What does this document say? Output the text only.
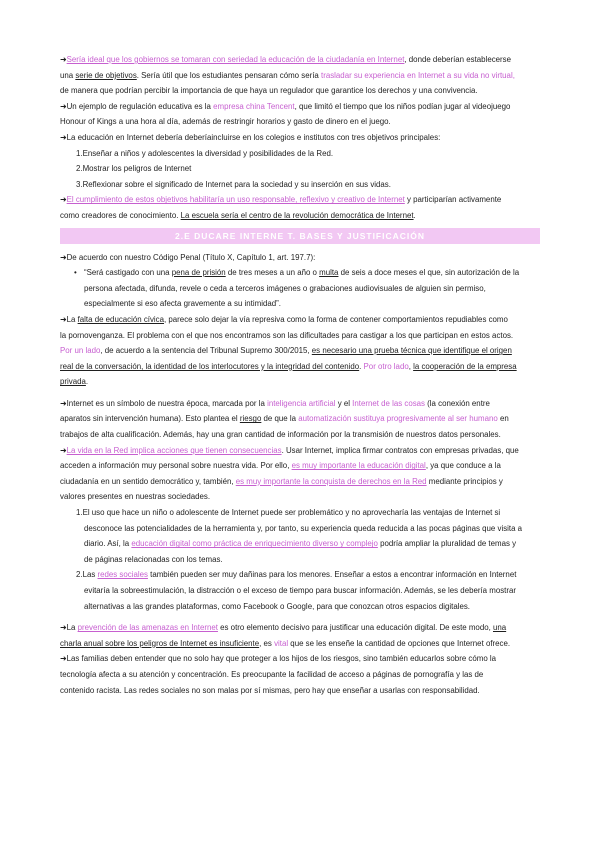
➜Sería ideal que los gobiernos se tomaran con seriedad la educación de la ciudadanía en Internet, donde deberían establecerse

una serie de objetivos. Sería útil que los estudiantes pensaran cómo sería trasladar su experiencia en Internet a su vida no virtual,

de manera que podrían percibir la importancia de que haya un regulador que garantice los derechos y una convivencia.

➜Un ejemplo de regulación educativa es la empresa china Tencent, que limitó el tiempo que los niños podían jugar al videojuego

Honour of Kings a una hora al día, además de restringir horarios y gasto de dinero en el juego.

➜La educación en Internet debería deberíaincluirse en los colegios e institutos con tres objetivos principales:

1.Enseñar a niños y adolescentes la diversidad y posibilidades de la Red.

2.Mostrar los peligros de Internet

3.Reflexionar sobre el significado de Internet para la sociedad y su inserción en sus vidas.

➜El cumplimiento de estos objetivos habilitaría un uso responsable, reflexivo y creativo de Internet y participarían activamente

como creadores de conocimiento. La escuela sería el centro de la revolución democrática de Internet.

2.E DUCARE INTERNE T. BASES Y JUSTIFICACIÓN

➜De acuerdo con nuestro Código Penal (Título X, Capítulo 1, art. 197.7):

• “Será castigado con una pena de prisión de tres meses a un año o multa de seis a doce meses el que, sin autorización de la

persona afectada, difunda, revele o ceda a terceros imágenes o grabaciones audiovisuales de alguien sin permiso,

especialmente si eso afecta gravemente a su intimidad”.

➜La falta de educación cívica, parece solo dejar la vía represiva como la forma de contener comportamientos repudiables como

la pornovenganza. El problema con el que nos encontramos son las dificultades para castigar a los que participan en estos actos.

Por un lado, de acuerdo a la sentencia del Tribunal Supremo 300/2015, es necesario una prueba técnica que identifique el origen

real de la conversación, la identidad de los interlocutores y la integridad del contenido. Por otro lado, la cooperación de la empresa

privada.

➜Internet es un símbolo de nuestra época, marcada por la inteligencia artificial y el Internet de las cosas (la conexión entre

aparatos sin intervención humana). Esto plantea el riesgo de que la automatización sustituya progresivamente al ser humano en

trabajos de alta cualificación. Además, hay una gran cantidad de información por la transmisión de nuestros datos personales.

➜La vida en la Red implica acciones que tienen consecuencias. Usar Internet, implica firmar contratos con empresas privadas, que

acceden a información muy personal sobre nuestra vida. Por ello, es muy importante la educación digital, ya que conduce a la

ciudadanía en un sentido democrático y, también, es muy importante la conquista de derechos en la Red mediante principios y

valores presentes en nuestras sociedades.

1.El uso que hace un niño o adolescente de Internet puede ser problemático y no aprovecharía las ventajas de Internet si

desconoce las potencialidades de la herramienta y, por tanto, su experiencia queda reducida a las pocas páginas que visita a

diario. Así, la educación digital como práctica de enriquecimiento diverso y complejo podría ampliar la pluralidad de temas y

de páginas relacionadas con los temas.

2.Las redes sociales también pueden ser muy dañinas para los menores. Enseñar a estos a encontrar información en Internet

evitaría la sobreestimulación, la distracción o el exceso de tiempo para buscar información. Además, se les debería mostrar

alternativas a las grandes plataformas, como Facebook o Google, para que conozcan otros espacios digitales.

➜La prevención de las amenazas en Internet es otro elemento decisivo para justificar una educación digital. De este modo, una

charla anual sobre los peligros de Internet es insuficiente, es vital que se les enseñe la cantidad de opciones que Internet ofrece.

➜Las familias deben entender que no solo hay que proteger a los hijos de los riesgos, sino también educarlos sobre cómo la

tecnología afecta a su atención y concentración. Es preocupante la facilidad de acceso a páginas de pornografía y las de

contenido racista. Las redes sociales no son malas por sí mismas, pero hay que enseñar a usarlas con responsabilidad.
